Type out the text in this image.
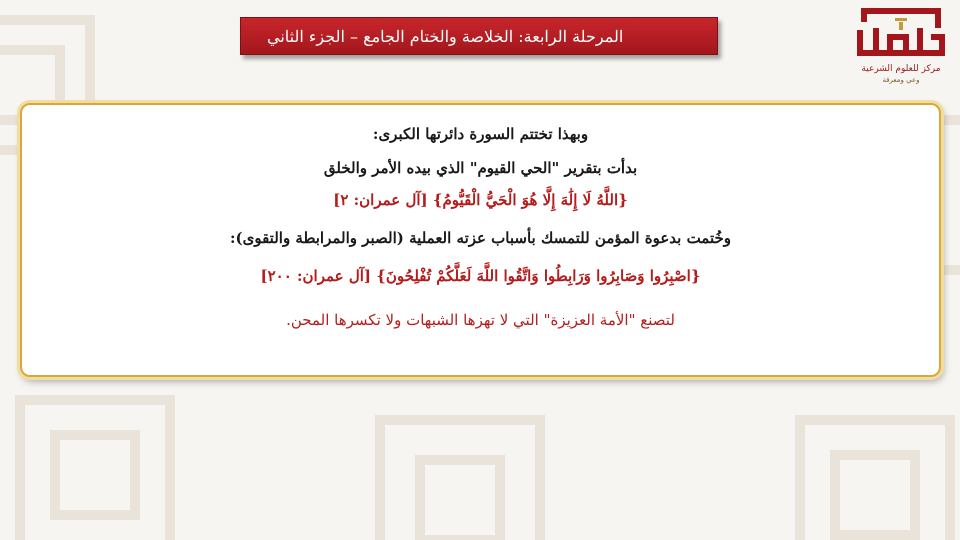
المرحلة الرابعة: الخلاصة والختام الجامع – الجزء الثاني
مركز للعلوم الشرعية
وعي ومعرفة
وبهذا تختتم السورة دائرتها الكبرى:
بدأت بتقرير "الحي القيوم" الذي بيده الأمر والخلق
{اللَّهُ لَا إِلَٰهَ إِلَّا هُوَ الْحَيُّ الْقَيُّومُ} [آل عمران: ٢]
وخُتمت بدعوة المؤمن للتمسك بأسباب عزته العملية (الصبر والمرابطة والتقوى):
{اصْبِرُوا وَصَابِرُوا وَرَابِطُوا وَاتَّقُوا اللَّهَ لَعَلَّكُمْ تُفْلِحُونَ} [آل عمران: ٢٠٠]
لتصنع "الأمة العزيزة" التي لا تهزها الشبهات ولا تكسرها المحن.
